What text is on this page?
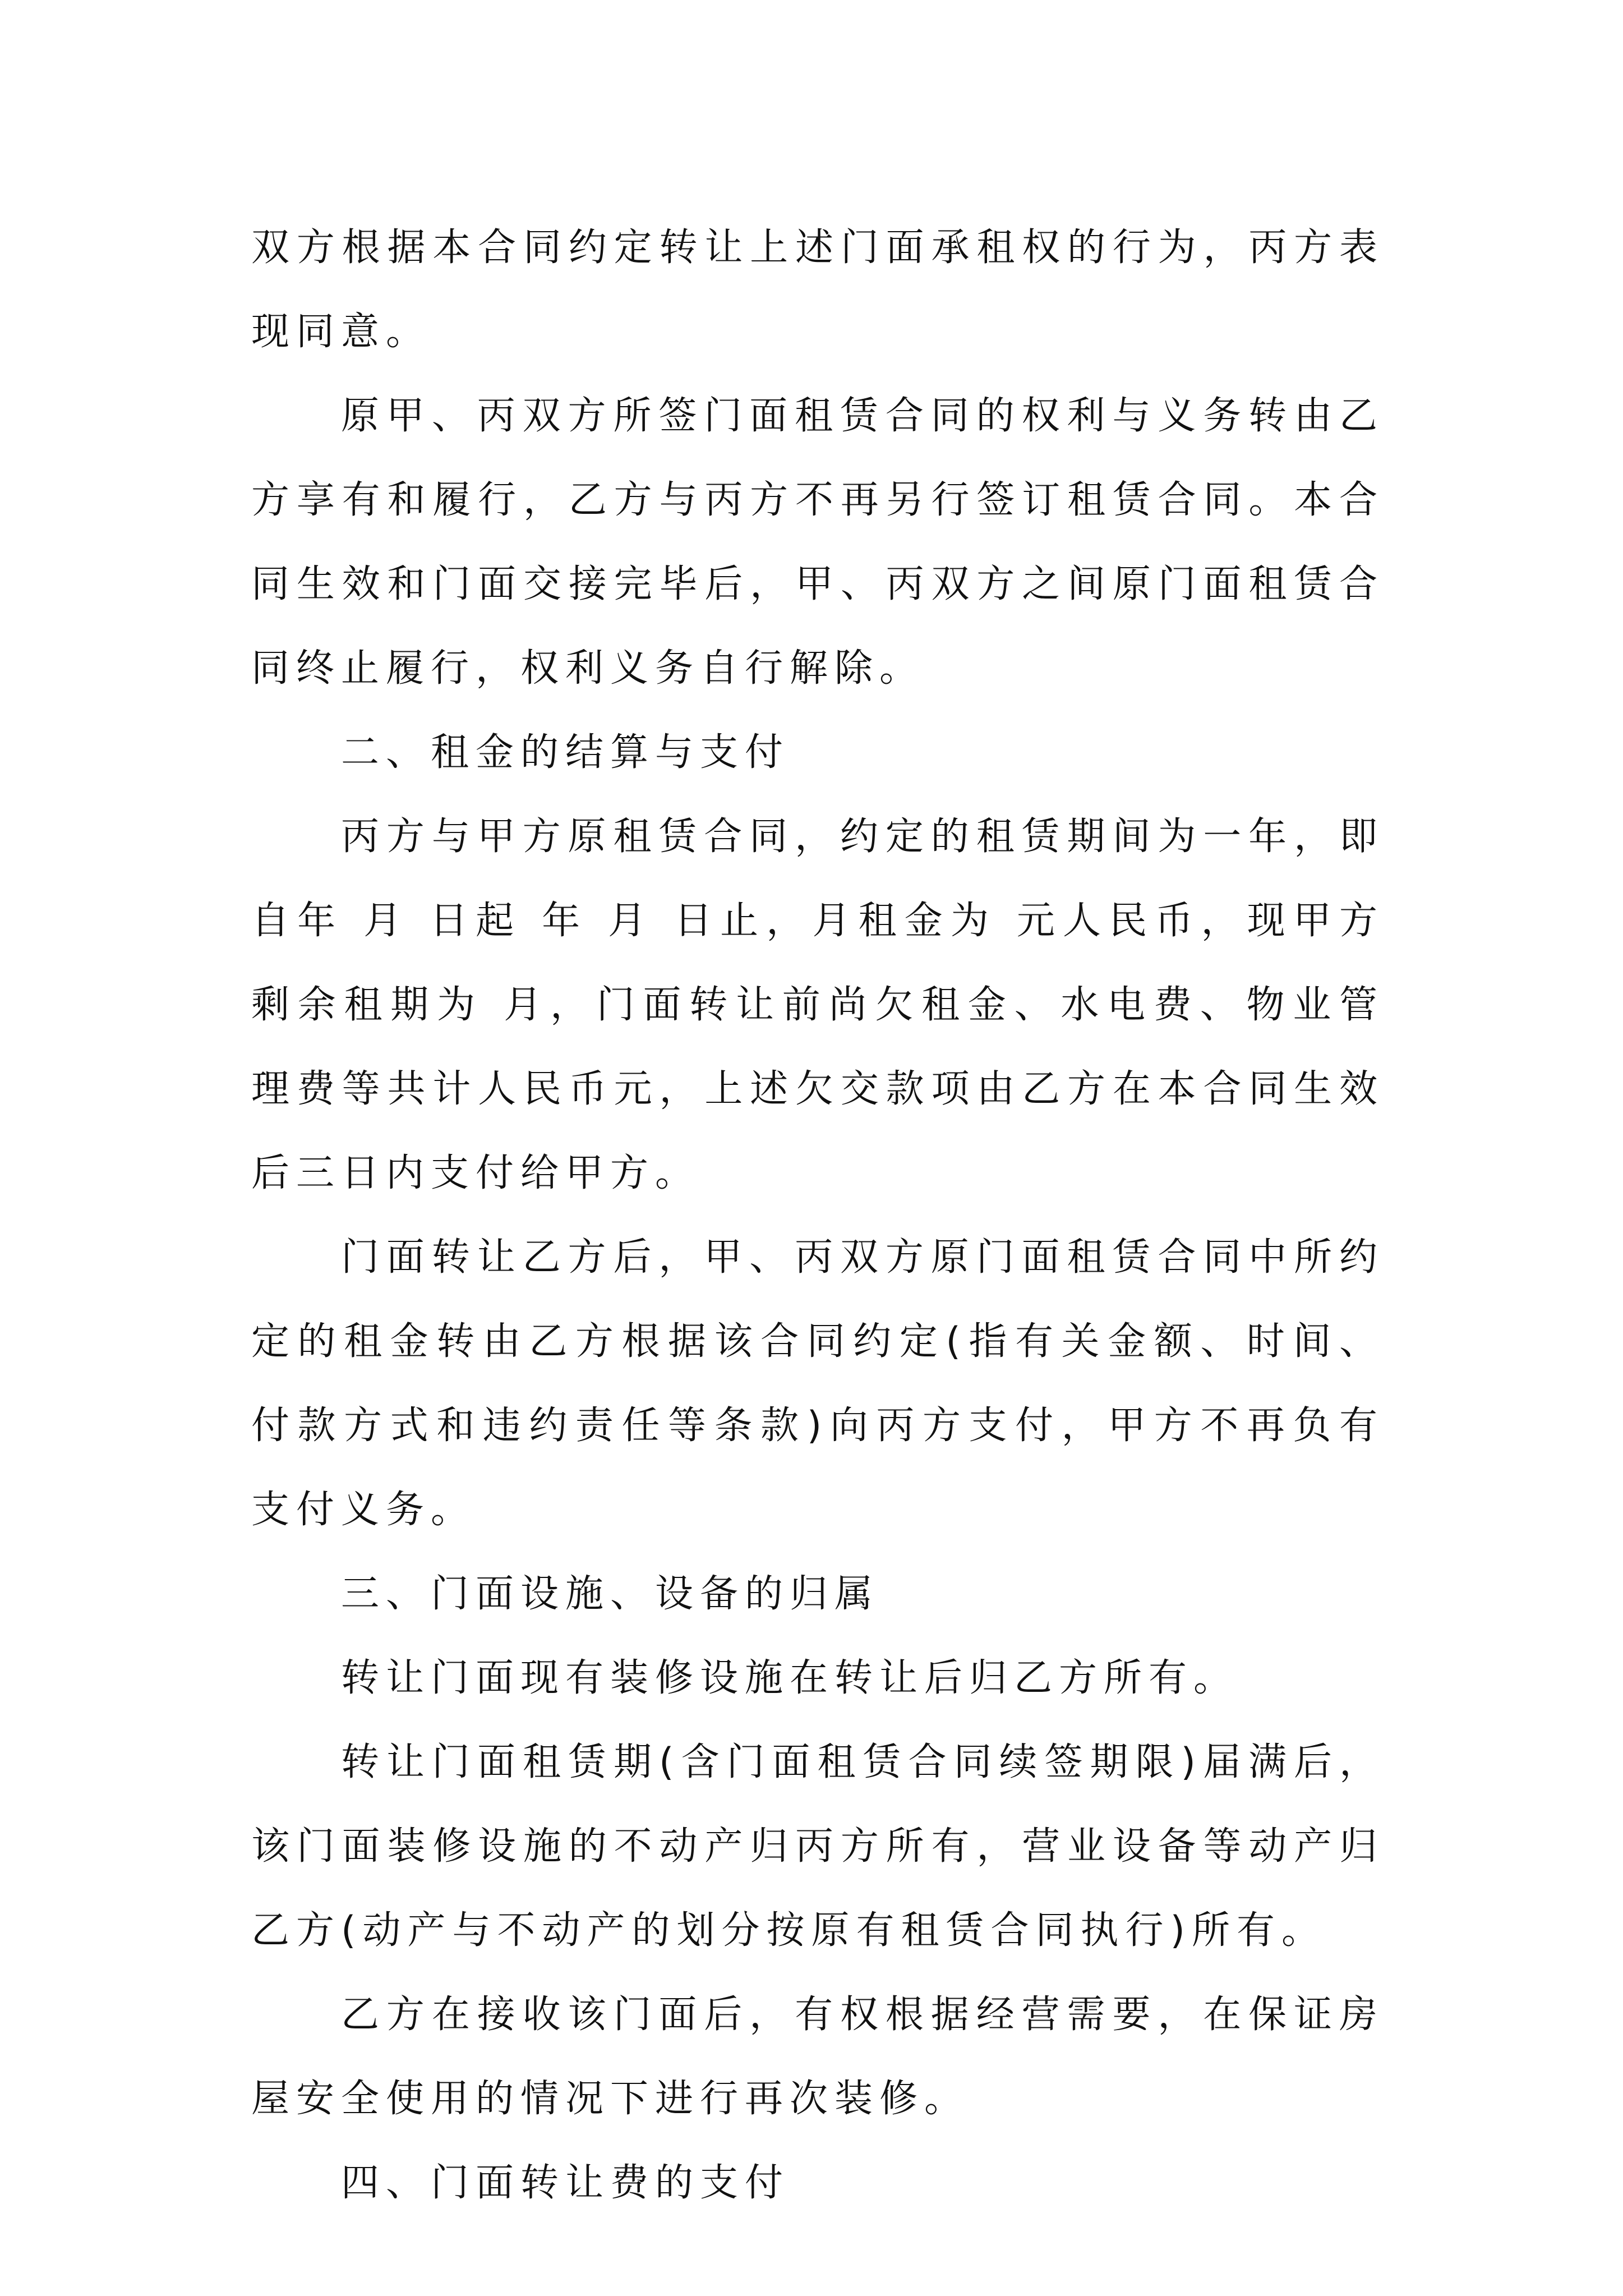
双方根据本合同约定转让上述门面承租权的行为，丙方表现同意。

原甲、丙双方所签门面租赁合同的权利与义务转由乙方享有和履行，乙方与丙方不再另行签订租赁合同。本合同生效和门面交接完毕后，甲、丙双方之间原门面租赁合同终止履行，权利义务自行解除。

二、租金的结算与支付

丙方与甲方原租赁合同，约定的租赁期间为一年，即自年 月 日起 年 月 日止，月租金为 元人民币，现甲方剩余租期为 月，门面转让前尚欠租金、水电费、物业管理费等共计人民币元，上述欠交款项由乙方在本合同生效后三日内支付给甲方。

门面转让乙方后，甲、丙双方原门面租赁合同中所约定的租金转由乙方根据该合同约定(指有关金额、时间、付款方式和违约责任等条款)向丙方支付，甲方不再负有支付义务。

三、门面设施、设备的归属

转让门面现有装修设施在转让后归乙方所有。

转让门面租赁期(含门面租赁合同续签期限)届满后，该门面装修设施的不动产归丙方所有，营业设备等动产归乙方(动产与不动产的划分按原有租赁合同执行)所有。

乙方在接收该门面后，有权根据经营需要，在保证房屋安全使用的情况下进行再次装修。

四、门面转让费的支付
